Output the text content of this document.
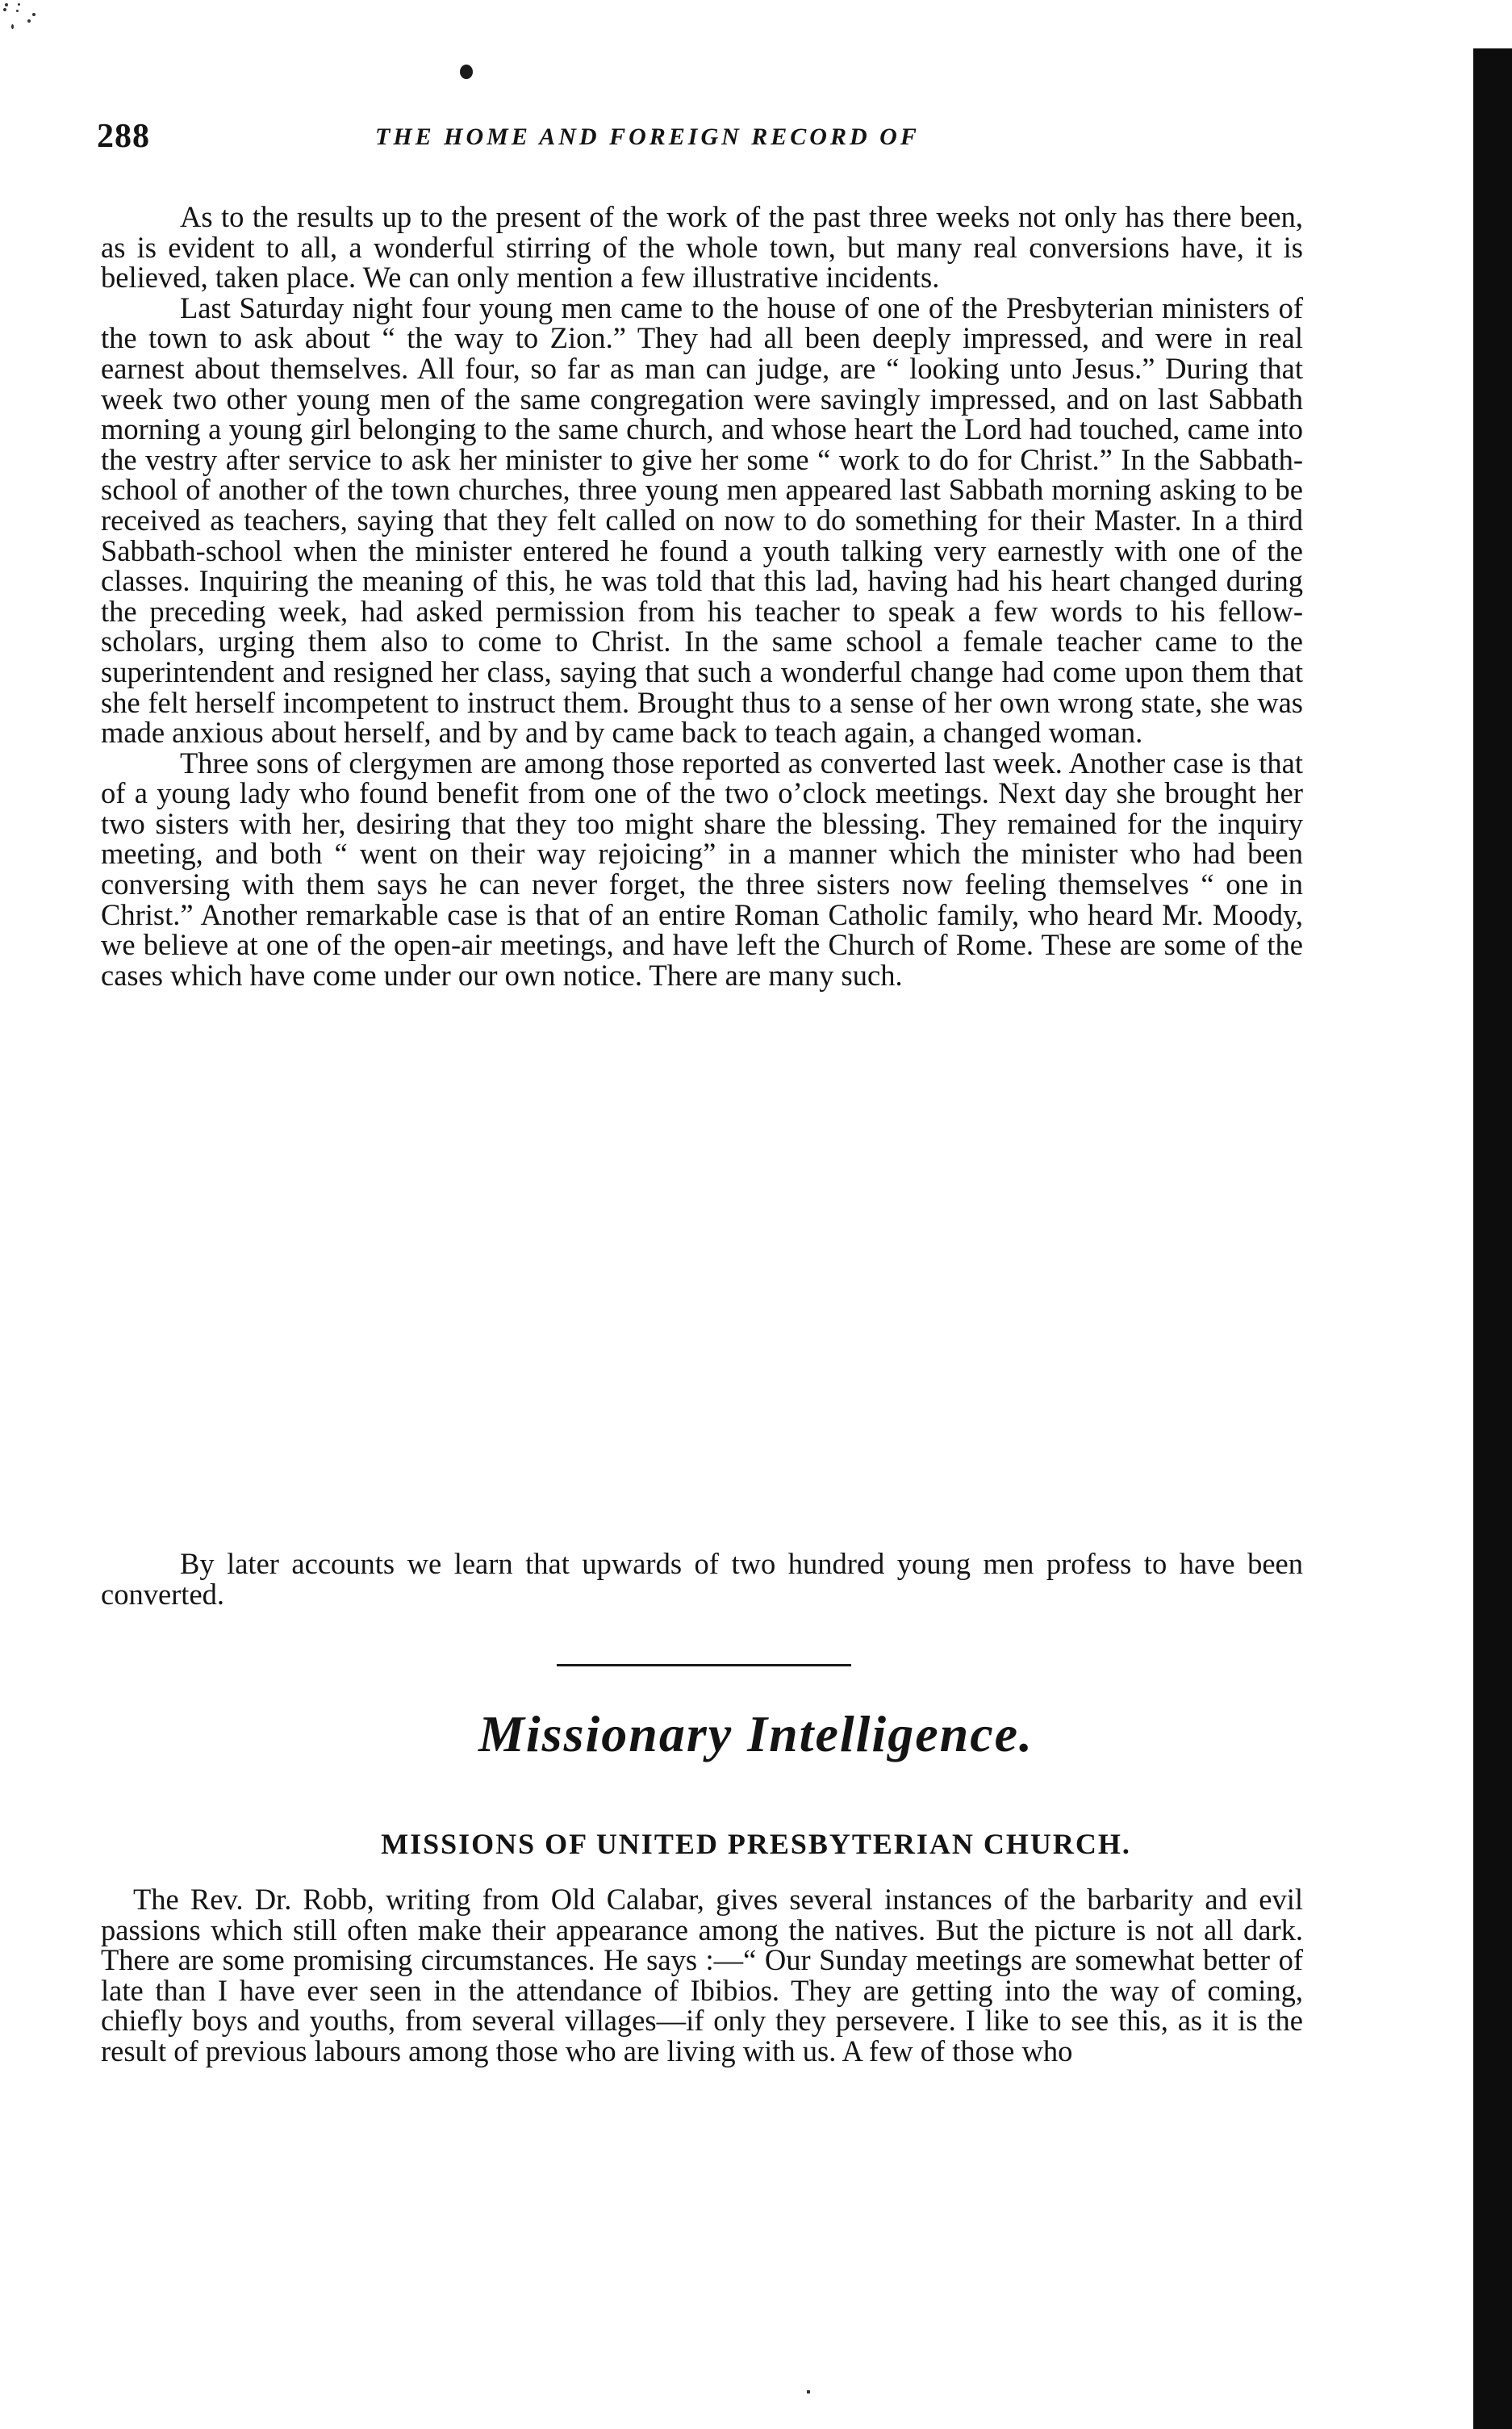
288	THE HOME AND FOREIGN RECORD OF

As to the results up to the present of the work of the past three weeks not only has there been, as is evident to all, a wonderful stirring of the whole town, but many real conversions have, it is believed, taken place. We can only mention a few illustrative incidents.

Last Saturday night four young men came to the house of one of the Presbyterian ministers of the town to ask about “ the way to Zion.” They had all been deeply impressed, and were in real earnest about themselves. All four, so far as man can judge, are “ looking unto Jesus.” During that week two other young men of the same congregation were savingly impressed, and on last Sabbath morning a young girl belonging to the same church, and whose heart the Lord had touched, came into the vestry after service to ask her minister to give her some “ work to do for Christ.” In the Sabbath-school of another of the town churches, three young men appeared last Sabbath morning asking to be received as teachers, saying that they felt called on now to do something for their Master. In a third Sabbath-school when the minister entered he found a youth talking very earnestly with one of the classes. Inquiring the meaning of this, he was told that this lad, having had his heart changed during the preceding week, had asked permission from his teacher to speak a few words to his fellow-scholars, urging them also to come to Christ. In the same school a female teacher came to the superintendent and resigned her class, saying that such a wonderful change had come upon them that she felt herself incompetent to instruct them. Brought thus to a sense of her own wrong state, she was made anxious about herself, and by and by came back to teach again, a changed woman.

Three sons of clergymen are among those reported as converted last week. Another case is that of a young lady who found benefit from one of the two o’clock meetings. Next day she brought her two sisters with her, desiring that they too might share the blessing. They remained for the inquiry meeting, and both “ went on their way rejoicing” in a manner which the minister who had been conversing with them says he can never forget, the three sisters now feeling themselves “ one in Christ.” Another remarkable case is that of an entire Roman Catholic family, who heard Mr. Moody, we believe at one of the open-air meetings, and have left the Church of Rome. These are some of the cases which have come under our own notice. There are many such.

By later accounts we learn that upwards of two hundred young men profess to have been converted.

Missionary Intelligence.
MISSIONS OF UNITED PRESBYTERIAN CHURCH.

The Rev. Dr. Robb, writing from Old Calabar, gives several instances of the barbarity and evil passions which still often make their appearance among the natives. But the picture is not all dark. There are some promising circumstances. He says :—“ Our Sunday meetings are somewhat better of late than I have ever seen in the attendance of Ibibios. They are getting into the way of coming, chiefly boys and youths, from several villages—if only they persevere. I like to see this, as it is the result of previous labours among those who are living with us. A few of those who
